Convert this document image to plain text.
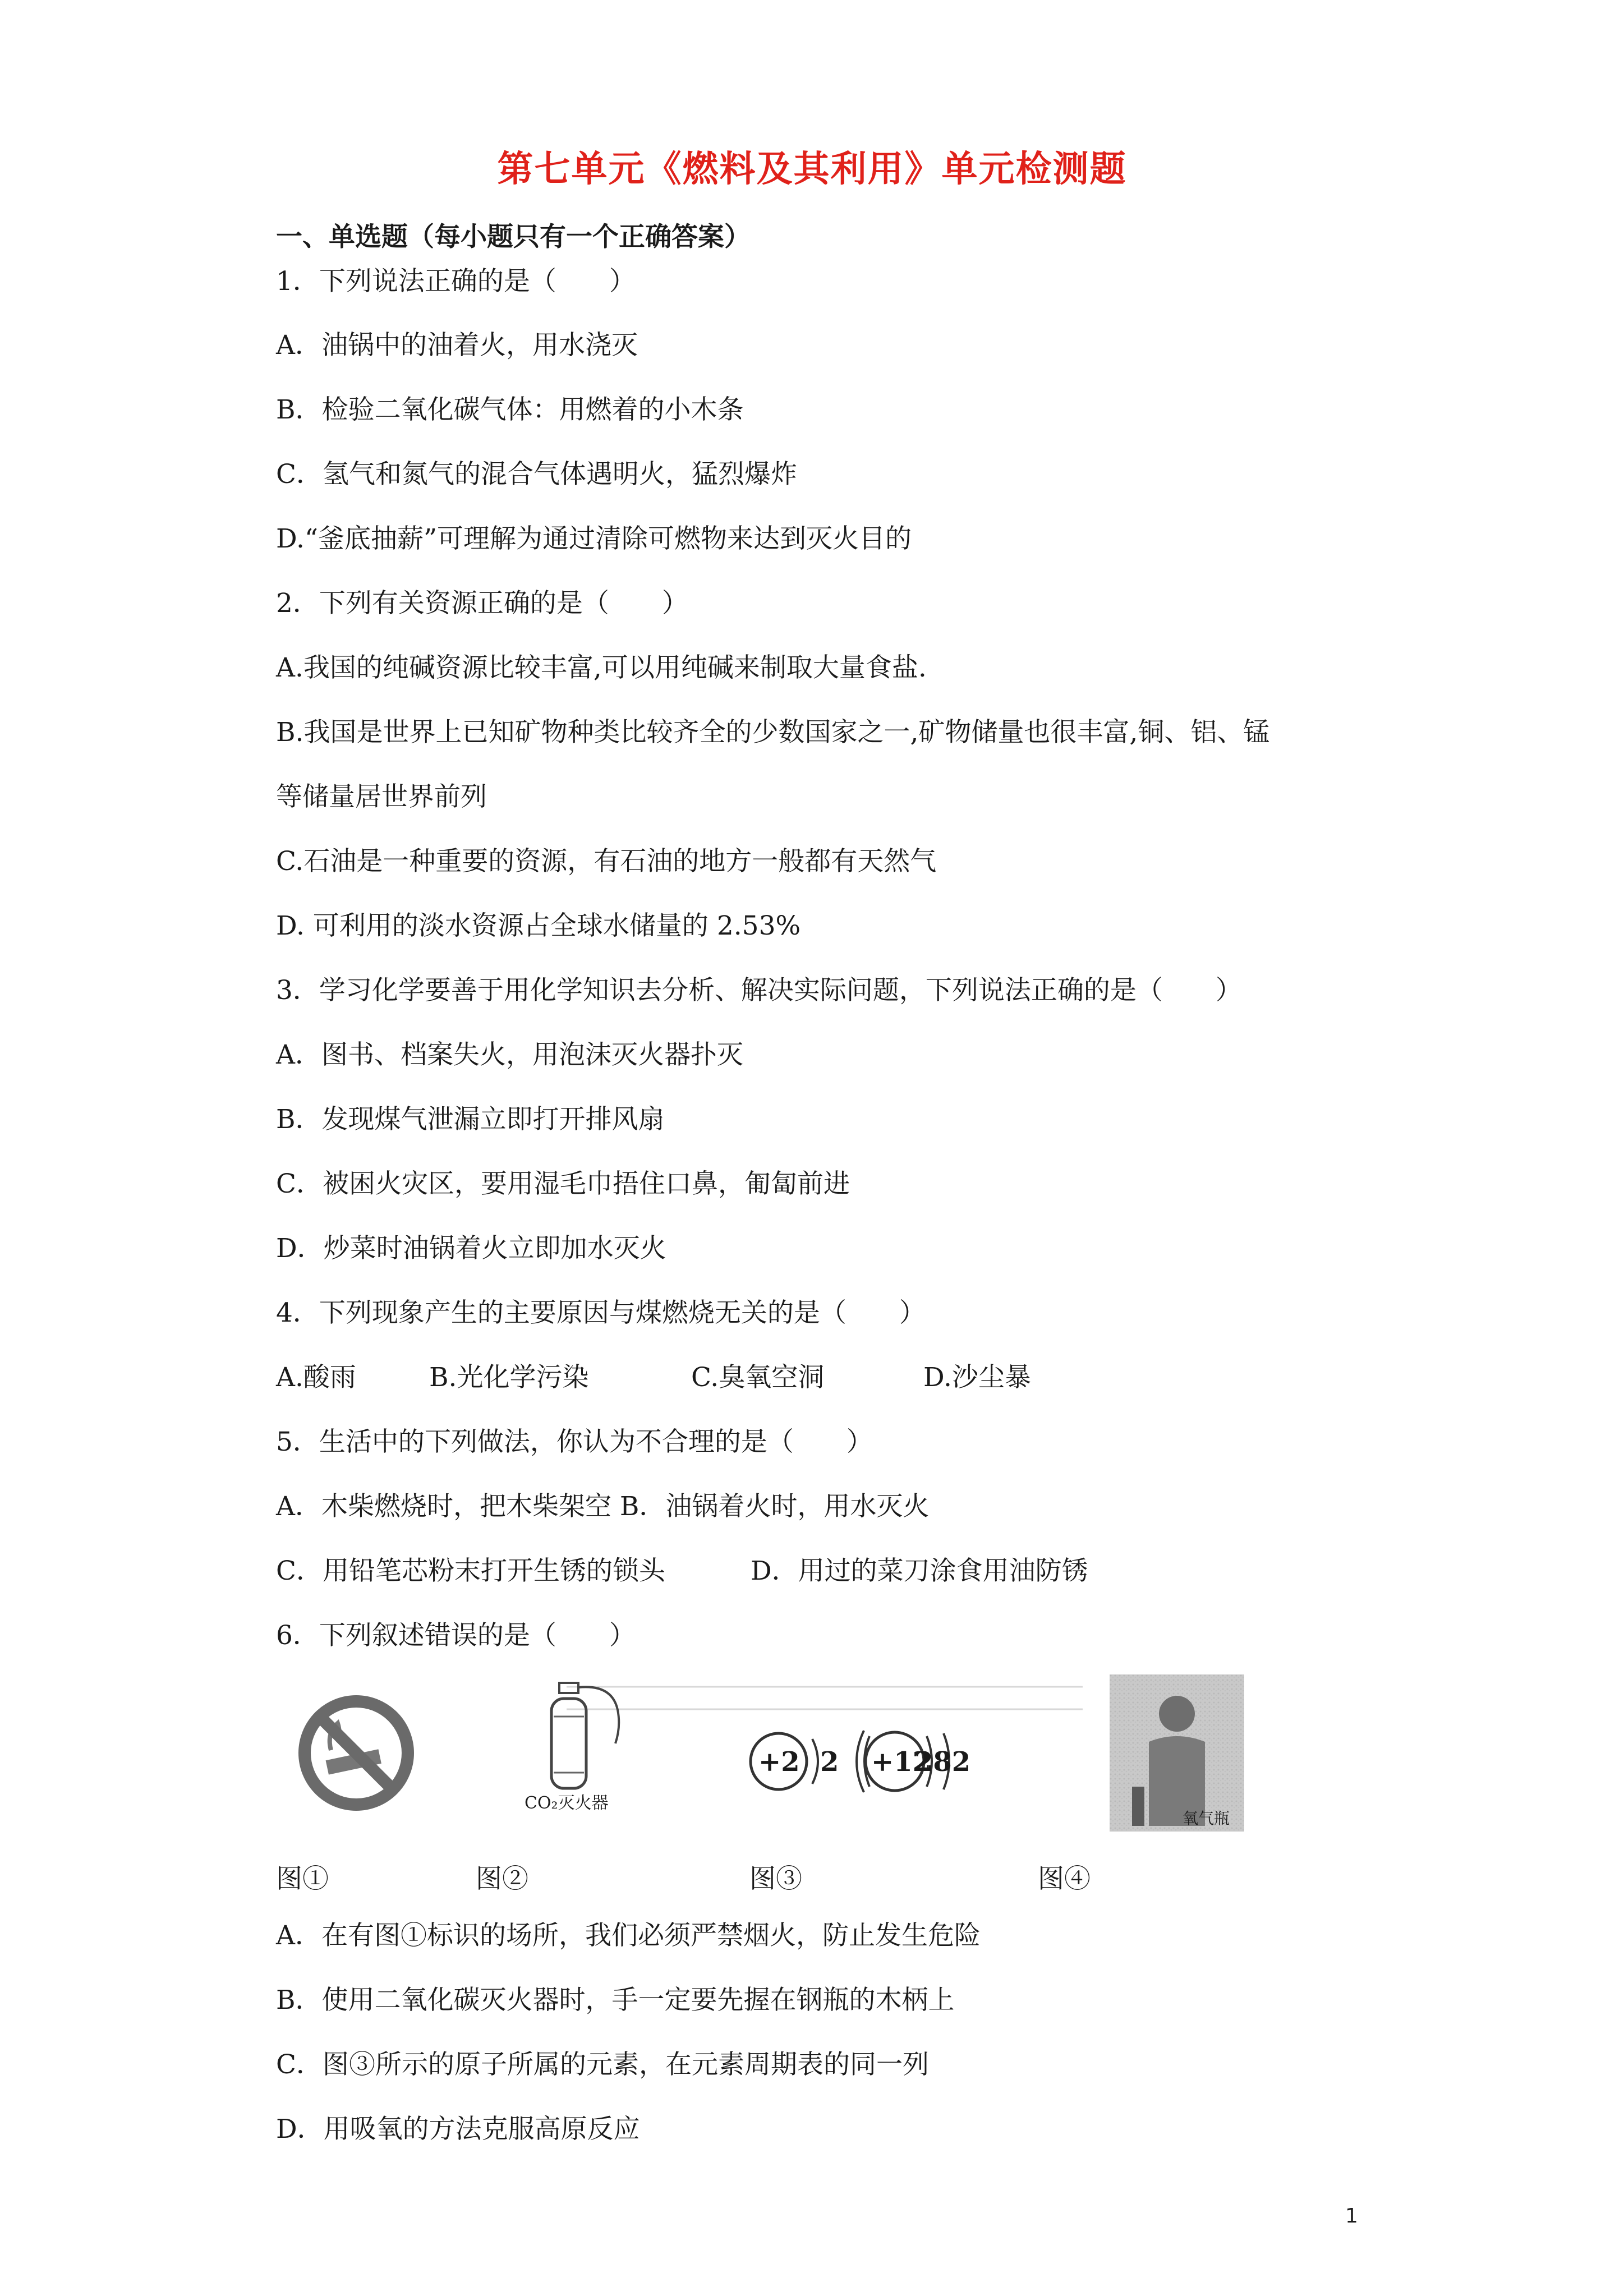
第七单元《燃料及其利用》单元检测题
一、单选题（每小题只有一个正确答案）
1．下列说法正确的是（　　）
A．油锅中的油着火，用水浇灭
B．检验二氧化碳气体：用燃着的小木条
C．氢气和氮气的混合气体遇明火，猛烈爆炸
D.“釜底抽薪”可理解为通过清除可燃物来达到灭火目的
2．下列有关资源正确的是（　　）
A.我国的纯碱资源比较丰富,可以用纯碱来制取大量食盐.
B.我国是世界上已知矿物种类比较齐全的少数国家之一,矿物储量也很丰富,铜、铝、锰
等储量居世界前列
C.石油是一种重要的资源，有石油的地方一般都有天然气
D. 可利用的淡水资源占全球水储量的 2.53%
3．学习化学要善于用化学知识去分析、解决实际问题，下列说法正确的是（　　）
A．图书、档案失火，用泡沫灭火器扑灭
B．发现煤气泄漏立即打开排风扇
C．被困火灾区，要用湿毛巾捂住口鼻，匍匐前进
D．炒菜时油锅着火立即加水灭火
4．下列现象产生的主要原因与煤燃烧无关的是（　　）
A.酸雨	B.光化学污染	C.臭氧空洞	D.沙尘暴
5．生活中的下列做法，你认为不合理的是（　　）
A．木柴燃烧时，把木柴架空 B．油锅着火时，用水灭火
C．用铅笔芯粉末打开生锈的锁头	D．用过的菜刀涂食用油防锈
6．下列叙述错误的是（　　）
CO₂灭火器
+2 2 +12
282
氧气瓶
图①	图②	图③	图④
A．在有图①标识的场所，我们必须严禁烟火，防止发生危险
B．使用二氧化碳灭火器时，手一定要先握在钢瓶的木柄上
C．图③所示的原子所属的元素，在元素周期表的同一列
D．用吸氧的方法克服高原反应
1
